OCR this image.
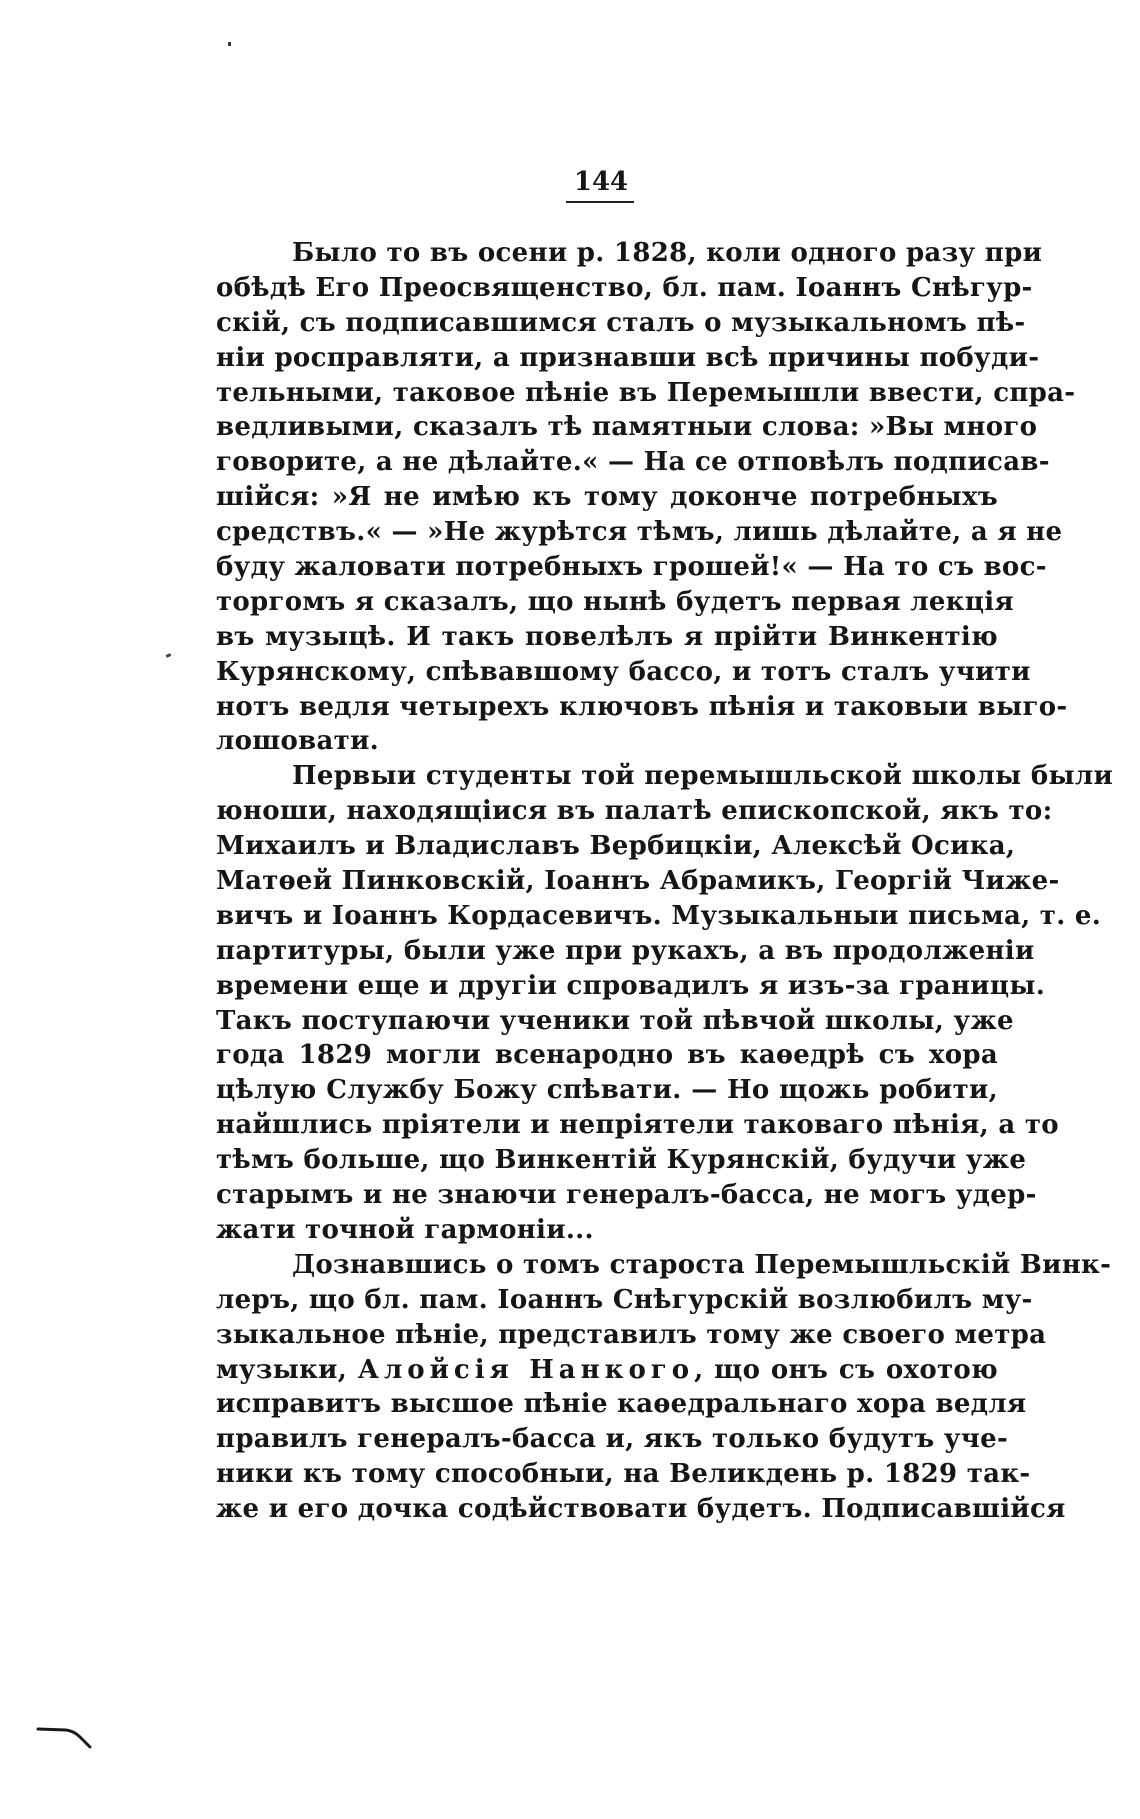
144
Было то въ осени р. 1828, коли одного разу при
обѣдѣ Его Преосвященство, бл. пам. Іоаннъ Снѣгур-
скій, съ подписавшимся сталъ о музыкальномъ пѣ-
ніи росправляти, а признавши всѣ причины побуди-
тельными, таковое пѣніе въ Перемышли ввести, спра-
ведливыми, сказалъ тѣ памятныи слова: »Вы много
говорите, а не дѣлайте.« — На се отповѣлъ подписав-
шійся: »Я не имѣю къ тому доконче потребныхъ
средствъ.« — »Не журѣтся тѣмъ, лишь дѣлайте, а я не
буду жаловати потребныхъ грошей!« — На то съ вос-
торгомъ я сказалъ, що нынѣ будетъ первая лекція
въ музыцѣ. И такъ повелѣлъ я прійти Винкентію
Курянскому, спѣвавшому бассо, и тотъ сталъ учити
нотъ ведля четырехъ ключовъ пѣнія и таковыи выго-
лошовати.
Первыи студенты той перемышльской школы были
юноши, находящіися въ палатѣ епископской, якъ то:
Михаилъ и Владиславъ Вербицкіи, Алексѣй Осика,
Матѳей Пинковскій, Іоаннъ Абрамикъ, Георгій Чиже-
вичъ и Іоаннъ Кордасевичъ. Музыкальныи письма, т. е.
партитуры, были уже при рукахъ, а въ продолженіи
времени еще и другіи спровадилъ я изъ-за границы.
Такъ поступаючи ученики той пѣвчой школы, уже
года 1829 могли всенародно въ каѳедрѣ съ хора
цѣлую Службу Божу спѣвати. — Но щожь робити,
найшлись пріятели и непріятели таковаго пѣнія, а то
тѣмъ больше, що Винкентій Курянскій, будучи уже
старымъ и не знаючи генералъ-басса, не могъ удер-
жати точной гармоніи...
Дознавшись о томъ староста Перемышльскій Винк-
леръ, що бл. пам. Іоаннъ Снѣгурскій возлюбилъ му-
зыкальное пѣніе, представилъ тому же своего метра
музыки, Алойсія Нанкого, що онъ съ охотою
исправитъ высшое пѣніе каѳедральнаго хора ведля
правилъ генералъ-басса и, якъ только будутъ уче-
ники къ тому способныи, на Великдень р. 1829 так-
же и его дочка содѣйствовати будетъ. Подписавшійся
